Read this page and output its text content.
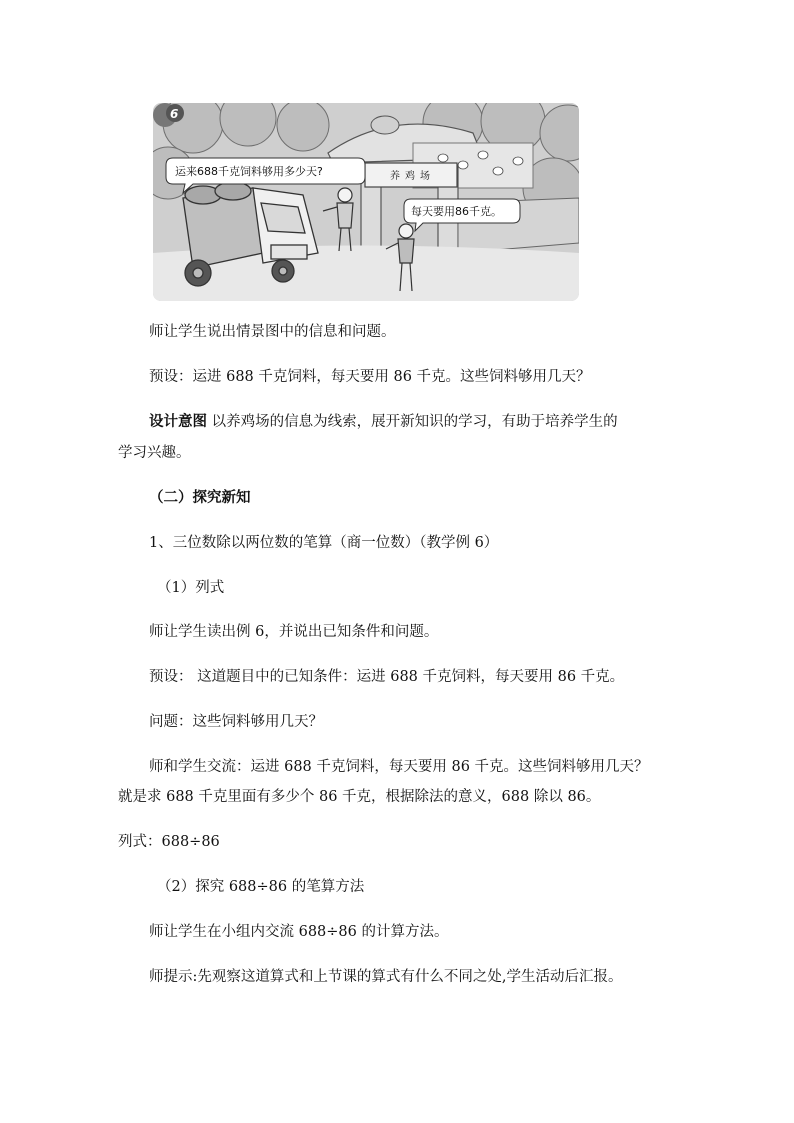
养鸡场
运来688千克饲料够用多少天?
每天要用86千克。
6
师让学生说出情景图中的信息和问题。
预设：运进 688 千克饲料，每天要用 86 千克。这些饲料够用几天？
设计意图 以养鸡场的信息为线索，展开新知识的学习，有助于培养学生的
学习兴趣。
（二）探究新知
1、三位数除以两位数的笔算（商一位数）（教学例 6）
（1）列式
师让学生读出例 6，并说出已知条件和问题。
预设： 这道题目中的已知条件：运进 688 千克饲料，每天要用 86 千克。
问题：这些饲料够用几天？
师和学生交流：运进 688 千克饲料，每天要用 86 千克。这些饲料够用几天？
就是求 688 千克里面有多少个 86 千克，根据除法的意义，688 除以 86。
列式：688÷86
（2）探究 688÷86 的笔算方法
师让学生在小组内交流 688÷86 的计算方法。
师提示:先观察这道算式和上节课的算式有什么不同之处,学生活动后汇报。
